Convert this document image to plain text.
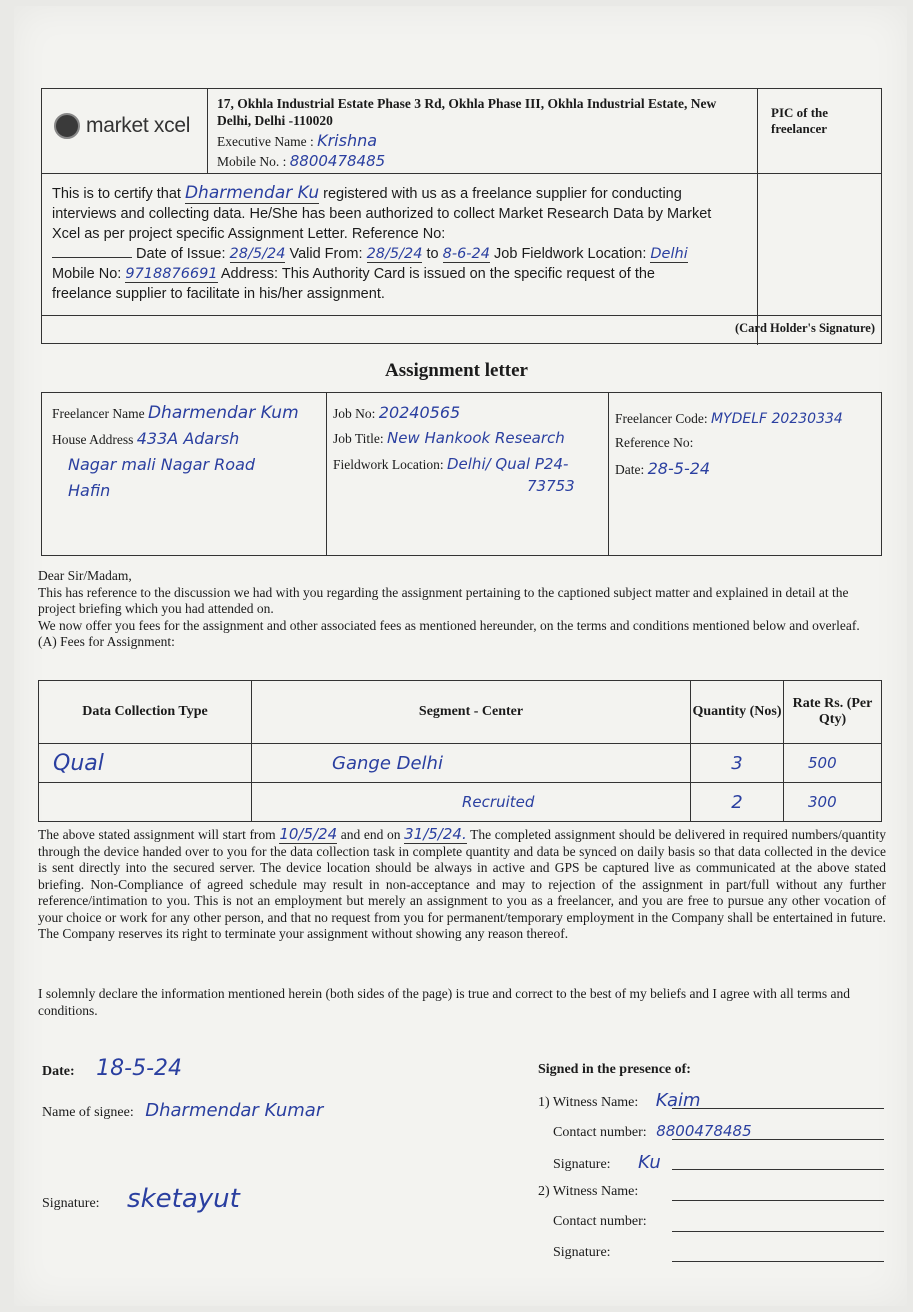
market xcel
17, Okhla Industrial Estate Phase 3 Rd, Okhla Phase III, Okhla Industrial Estate, New Delhi, Delhi -110020
Executive Name : Krishna
Mobile No. : 8800478485
PIC of the freelancer
This is to certify that Dharmendar Ku registered with us as a freelance supplier for conducting interviews and collecting data. He/She has been authorized to collect Market Research Data by Market Xcel as per project specific Assignment Letter. Reference No:
Date of Issue: 28/5/24 Valid From: 28/5/24 to 8-6-24 Job Fieldwork Location: Delhi Mobile No: 9718876691 Address: This Authority Card is issued on the specific request of the freelance supplier to facilitate in his/her assignment.
(Card Holder's Signature)
Assignment letter
Freelancer Name Dharmendar Kum
House Address 433A Adarsh
Nagar mali Nagar Road
Hafin
Job No: 20240565
Job Title: New Hankook Research
Fieldwork Location: Delhi/ Qual P24-
73753
Freelancer Code: MYDELF 20230334
Reference No:
Date: 28-5-24
Dear Sir/Madam,
This has reference to the discussion we had with you regarding the assignment pertaining to the captioned subject matter and explained in detail at the project briefing which you had attended on.
We now offer you fees for the assignment and other associated fees as mentioned hereunder, on the terms and conditions mentioned below and overleaf.
(A) Fees for Assignment:
Data Collection Type	Segment - Center	Quantity (Nos)	Rate Rs. (Per Qty)
Qual	Gange Delhi	3	500
	Recruited	2	300
The above stated assignment will start from 10/5/24 and end on 31/5/24. The completed assignment should be delivered in required numbers/quantity through the device handed over to you for the data collection task in complete quantity and data be synced on daily basis so that data collected in the device is sent directly into the secured server. The device location should be always in active and GPS be captured live as communicated at the above stated briefing. Non-Compliance of agreed schedule may result in non-acceptance and may to rejection of the assignment in part/full without any further reference/intimation to you. This is not an employment but merely an assignment to you as a freelancer, and you are free to pursue any other vocation of your choice or work for any other person, and that no request from you for permanent/temporary employment in the Company shall be entertained in future. The Company reserves its right to terminate your assignment without showing any reason thereof.
I solemnly declare the information mentioned herein (both sides of the page) is true and correct to the best of my beliefs and I agree with all terms and conditions.
Date: 18-5-24
Name of signee: Dharmendar Kumar
Signature: sketayut
Signed in the presence of:
1) Witness Name: Kaim
Contact number: 8800478485
Signature: Ku
2) Witness Name:
Contact number:
Signature:
